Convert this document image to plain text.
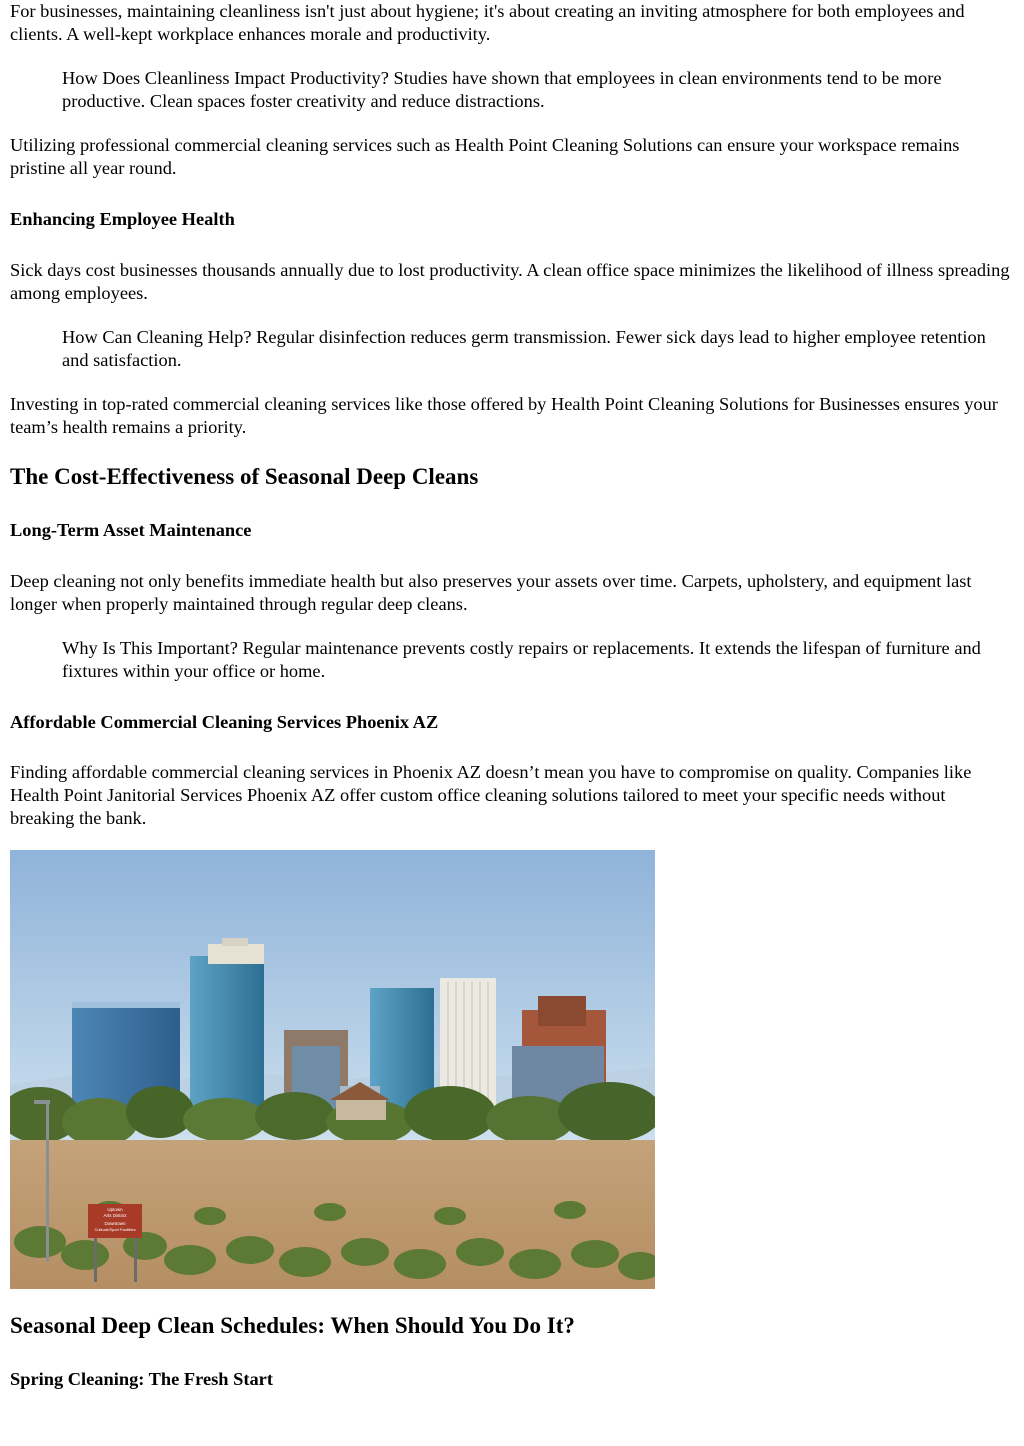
For businesses, maintaining cleanliness isn't just about hygiene; it's about creating an inviting atmosphere for both employees and clients. A well-kept workplace enhances morale and productivity.

How Does Cleanliness Impact Productivity? Studies have shown that employees in clean environments tend to be more productive. Clean spaces foster creativity and reduce distractions.

Utilizing professional commercial cleaning services such as Health Point Cleaning Solutions can ensure your workspace remains pristine all year round.

Enhancing Employee Health

Sick days cost businesses thousands annually due to lost productivity. A clean office space minimizes the likelihood of illness spreading among employees.

How Can Cleaning Help? Regular disinfection reduces germ transmission. Fewer sick days lead to higher employee retention and satisfaction.

Investing in top-rated commercial cleaning services like those offered by Health Point Cleaning Solutions for Businesses ensures your team’s health remains a priority.

The Cost-Effectiveness of Seasonal Deep Cleans
Long-Term Asset Maintenance

Deep cleaning not only benefits immediate health but also preserves your assets over time. Carpets, upholstery, and equipment last longer when properly maintained through regular deep cleans.

Why Is This Important? Regular maintenance prevents costly repairs or replacements. It extends the lifespan of furniture and fixtures within your office or home.

Affordable Commercial Cleaning Services Phoenix AZ

Finding affordable commercial cleaning services in Phoenix AZ doesn’t mean you have to compromise on quality. Companies like Health Point Janitorial Services Phoenix AZ offer custom office cleaning solutions tailored to meet your specific needs without breaking the bank.

Uptown
Arts District
Downtown
Cultural/Sport Facilities
Seasonal Deep Clean Schedules: When Should You Do It?
Spring Cleaning: The Fresh Start
